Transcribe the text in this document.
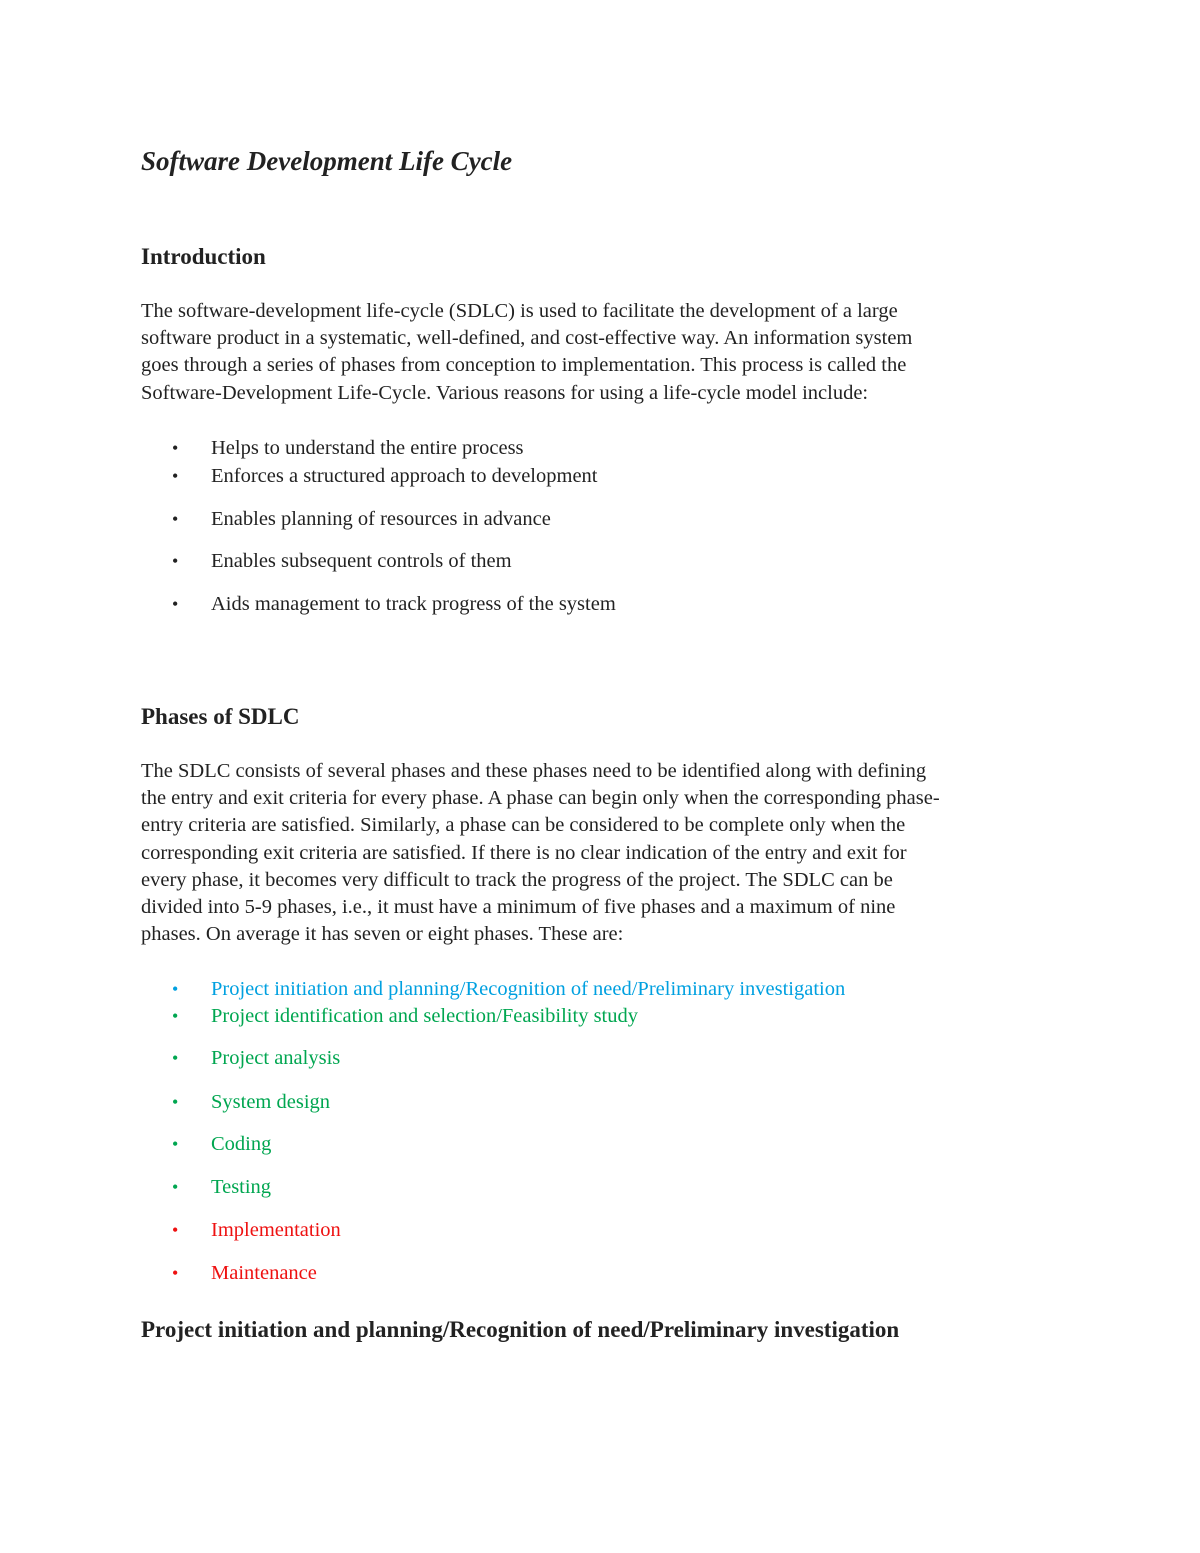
Software Development Life Cycle
Introduction

The software-development life-cycle (SDLC) is used to facilitate the development of a large
software product in a systematic, well-defined, and cost-effective way. An information system
goes through a series of phases from conception to implementation. This process is called the
Software-Development Life-Cycle. Various reasons for using a life-cycle model include:

• Helps to understand the entire process
• Enforces a structured approach to development
• Enables planning of resources in advance
• Enables subsequent controls of them
• Aids management to track progress of the system
Phases of SDLC

The SDLC consists of several phases and these phases need to be identified along with defining
the entry and exit criteria for every phase. A phase can begin only when the corresponding phase-
entry criteria are satisfied. Similarly, a phase can be considered to be complete only when the
corresponding exit criteria are satisfied. If there is no clear indication of the entry and exit for
every phase, it becomes very difficult to track the progress of the project. The SDLC can be
divided into 5-9 phases, i.e., it must have a minimum of five phases and a maximum of nine
phases. On average it has seven or eight phases. These are:

• Project initiation and planning/Recognition of need/Preliminary investigation
• Project identification and selection/Feasibility study
• Project analysis
• System design
• Coding
• Testing
• Implementation
• Maintenance
Project initiation and planning/Recognition of need/Preliminary investigation
